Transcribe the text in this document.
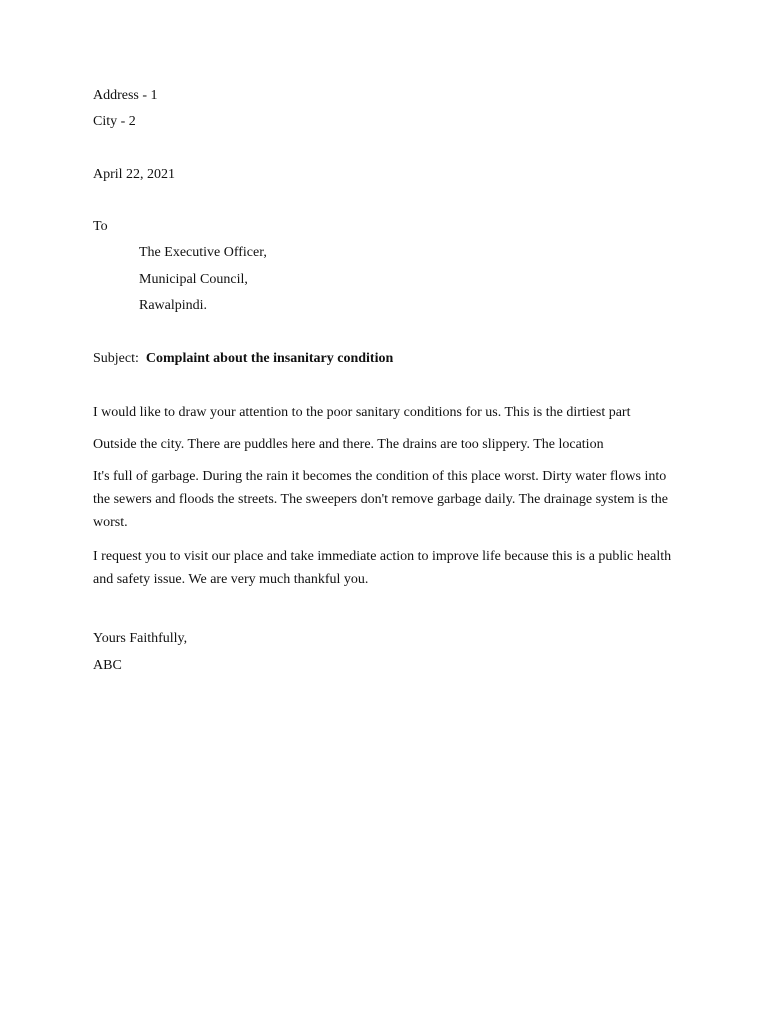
Address - 1

City - 2

April 22, 2021

To

The Executive Officer,

Municipal Council,

Rawalpindi.

Subject: Complaint about the insanitary condition

I would like to draw your attention to the poor sanitary conditions for us. This is the dirtiest part

Outside the city. There are puddles here and there. The drains are too slippery. The location

It's full of garbage. During the rain it becomes the condition of this place worst. Dirty water flows into the sewers and floods the streets. The sweepers don't remove garbage daily. The drainage system is the worst.

I request you to visit our place and take immediate action to improve life because this is a public health and safety issue. We are very much thankful you.

Yours Faithfully,

ABC
